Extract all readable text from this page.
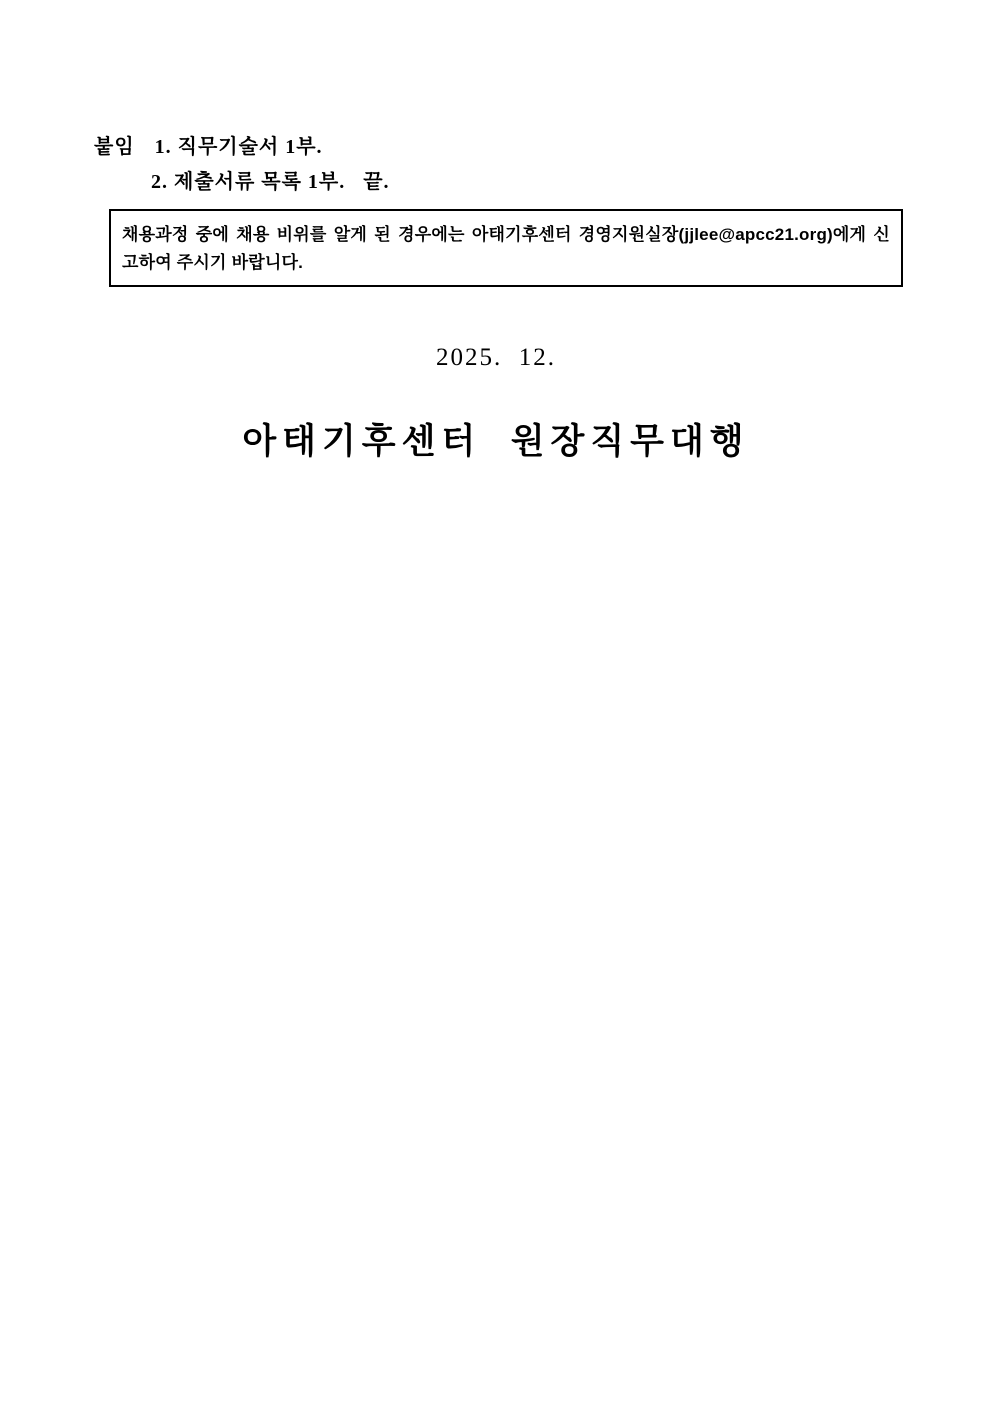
붙임 1. 직무기술서 1부.

2. 제출서류 목록 1부.   끝.

채용과정 중에 채용 비위를 알게 된 경우에는 아태기후센터 경영지원실장(jjlee@apcc21.org)에게 신
고하여 주시기 바랍니다.
2025.  12.
아태기후센터  원장직무대행
